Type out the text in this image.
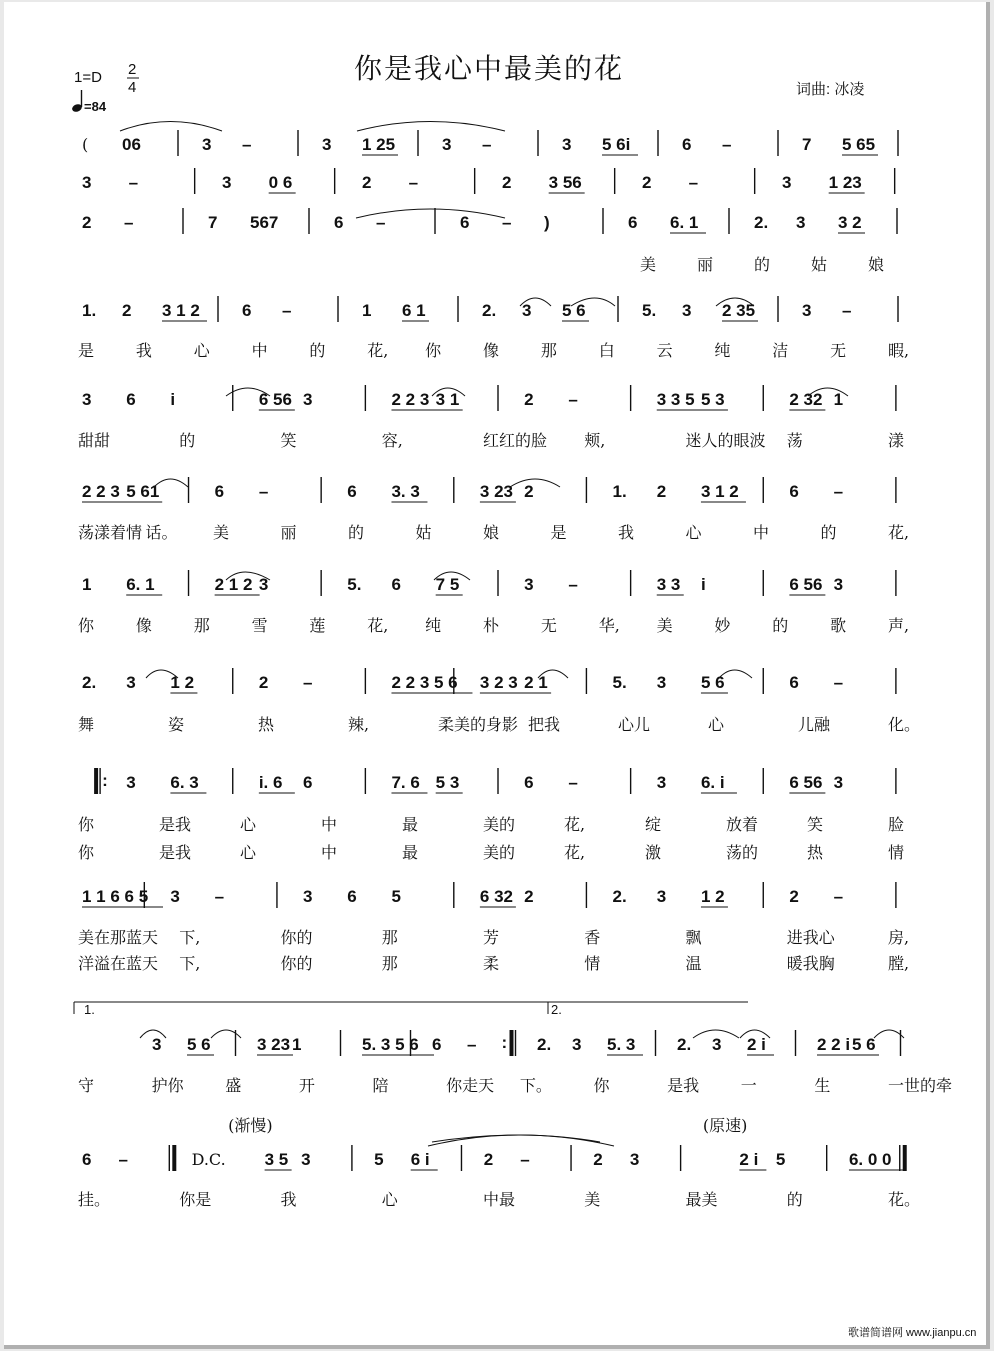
1=D 2
4
=84
你是我心中最美的花
词曲: 冰凌
( 06	3 –	3 1 25	3 –	3 5 6i	6 –	7 5 65
3 –	3 0 6	2 –	2 3 56	2 –	3 1 23
2 –	7 567	6 –	6 – )	6 6. 1	2. 3 3 2
1. 2 3 1 2 6 –	1 6 1	2. 3 5 6	5. 3 2 35	3 –
3 6 i	6 56 3	2 2 3 3 1	2 –	3 3 5 5 3	2 32 1
2 2 3 5 61	6 –	6 3. 3	3 23 2	1. 2 3 1 2	6 –
1 6. 1	2 1 2 3	5. 6 7 5	3 –	3 3 i	6 56 3
2. 3 1 2	2 –	2 2 3 5 6 3 2 3 2 1	5. 3 5 6	6 –
: 3 6. 3	i. 6 6	7. 6 5 3	6 –	3 6. i	6 56 3
1 1 6 6 5 3 –	3 6 5	6 32 2	2. 3 1 2	2 –
3 5 6	3 23 1	5. 3 5 6 6 – : 2. 3 5. 3 2. 3 2 i	2 2 i 5 6
6 –	D.C.
(渐慢)
3 5 3	5 6 i	2 –	2 3
(原速)
2 i 5	6. 0 0
美	丽	的	姑	娘
是	我	心	中	的	花, 你	像	那	白	云	纯	洁	无	暇,
甜甜	的	笑	容,	红红的脸 颊,	迷人的眼波 荡	漾
荡漾着情 话。 美	丽	的	姑	娘	是	我	心	中	的	花,
你	像	那	雪	莲	花, 纯	朴	无	华, 美	妙	的	歌	声,
舞	姿	热	辣,	柔美的身影 把我	心儿	心	儿融	化。
你	是我	心	中	最	美的	花,	绽	放着	笑	脸
你	是我	心	中	最	美的	花,	激	荡的	热	情
美在那蓝天 下,	你的	那	芳	香	飘	进我心	房,
洋溢在蓝天 下,	你的	那	柔	情	温	暖我胸	膛,
守	护你	盛	开	陪	你走天 下。	你	是我	一	生	一世的牵
挂。	你是	我	心	中最	美	最美	的	花。
1.	2.
歌谱简谱网 www.jianpu.cn
